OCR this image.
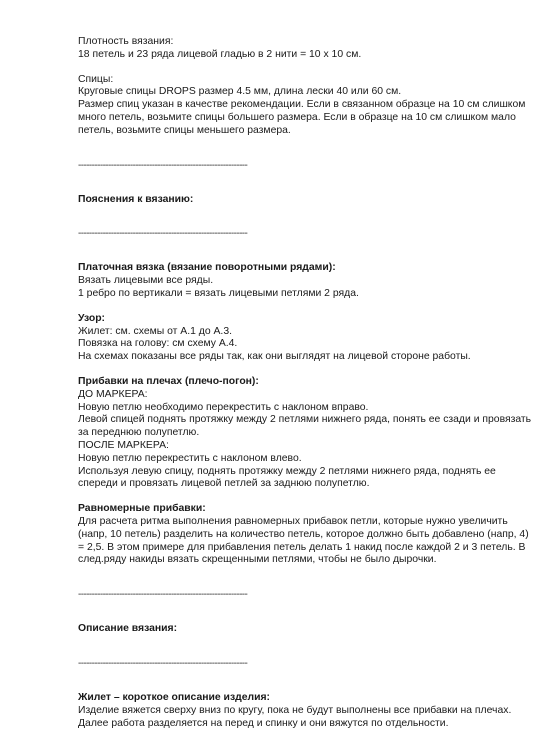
Плотность вязания:
18 петель и 23 ряда лицевой гладью в 2 нити = 10 x 10 см.
Спицы:
Круговые спицы DROPS размер 4.5 мм, длина лески 40 или 60 см.
Размер спиц указан в качестве рекомендации. Если в связанном образце на 10 см слишком
много петель, возьмите спицы большего размера. Если в образце на 10 см слишком мало
петель, возьмите спицы меньшего размера.
--------------------------------------------------------------
Пояснения к вязанию:
--------------------------------------------------------------
Платочная вязка (вязание поворотными рядами):
Вязать лицевыми все ряды.
1 ребро по вертикали = вязать лицевыми петлями 2 ряда.
Узор:
Жилет: см. схемы от А.1 до А.3.
Повязка на голову: см схему А.4.
На схемах показаны все ряды так, как они выглядят на лицевой стороне работы.
Прибавки на плечах (плечо-погон):
ДО МАРКЕРА:
Новую петлю необходимо перекрестить с наклоном вправо.
Левой спицей поднять протяжку между 2 петлями нижнего ряда, понять ее сзади и провязать
за переднюю полупетлю.
ПОСЛЕ МАРКЕРА:
Новую петлю перекрестить с наклоном влево.
Используя левую спицу, поднять протяжку между 2 петлями нижнего ряда, поднять ее
спереди и провязать лицевой петлей за заднюю полупетлю.
Равномерные прибавки:
Для расчета ритма выполнения равномерных прибавок петли, которые нужно увеличить
(напр, 10 петель) разделить на количество петель, которое должно быть добавлено (напр, 4)
= 2,5. В этом примере для прибавления петель делать 1 накид после каждой 2 и 3 петель. В
след.ряду накиды вязать скрещенными петлями, чтобы не было дырочки.
--------------------------------------------------------------
Описание вязания:
--------------------------------------------------------------
Жилет – короткое описание изделия:
Изделие вяжется сверху вниз по кругу, пока не будут выполнены все прибавки на плечах.
Далее работа разделяется на перед и спинку и они вяжутся по отдельности.
